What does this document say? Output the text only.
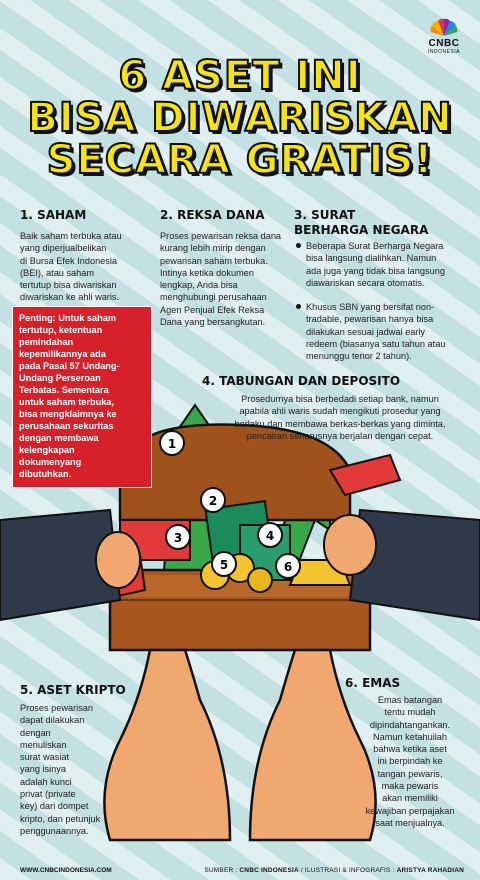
CNBC
INDONESIA
6 ASET INI
BISA DIWARISKAN
SECARA GRATIS!
1
2
3	4
5	6
1. SAHAM
Baik saham terbuka atau
yang diperjualbelikan
di Bursa Efek Indonesia
(BEI), atau saham
tertutup bisa diwariskan
diwariskan ke ahli waris.
Penting: Untuk saham
tertutup, ketentuan
pemindahan
kepemilikannya ada
pada Pasal 57 Undang-
Undang Perseroan
Terbatas. Sementara
untuk saham terbuka,
bisa mengklaimnya ke
perusahaan sekuritas
dengan membawa
kelengkapan
dokumenyang
dibutuhkan.
2. REKSA DANA
Proses pewarisan reksa dana
kurang lebih mirip dengan
pewarisan saham terbuka.
Intinya ketika dokumen
lengkap, Anda bisa
menghubungi perusahaan
Agen Penjual Efek Reksa
Dana yang bersangkutan.
3. SURAT
BERHARGA NEGARA
Beberapa Surat Berharga Negara
bisa langsung dialihkan. Namun
ada juga yang tidak bisa langsung
diawariskan secara otomatis.
Khusus SBN yang bersifat non-
tradable, pewarisan hanya bisa
dilakukan sesuai jadwal early
redeem (biasanya satu tahun atau
menunggu tenor 2 tahun).
4. TABUNGAN DAN DEPOSITO
Prosedurnya bisa berbedadi setiap bank, namun
apabila ahli waris sudah mengikuti prosedur yang
berlaku dan membawa berkas-berkas yang diminta,
pencairan seharusnya berjalan dengan cepat.
5. ASET KRIPTO
Proses pewarisan
dapat dilakukan
dengan
menuliskan
surat wasiat
yang isinya
adalah kunci
privat (private
key) dari dompet
kripto, dan petunjuk
penggunaannya.
6. EMAS
Emas batangan
tentu mudah
dipindahtangankan.
Namun ketahuilah
bahwa ketika aset
ini berpindah ke
tangan pewaris,
maka pewaris
akan memiliki
kewajiban perpajakan
saat menjualnya.
WWW.CNBCINDONESIA.COM	SUMBER : CNBC INDONESIA / ILUSTRASI & INFOGRAFIS : ARISTYA RAHADIAN
